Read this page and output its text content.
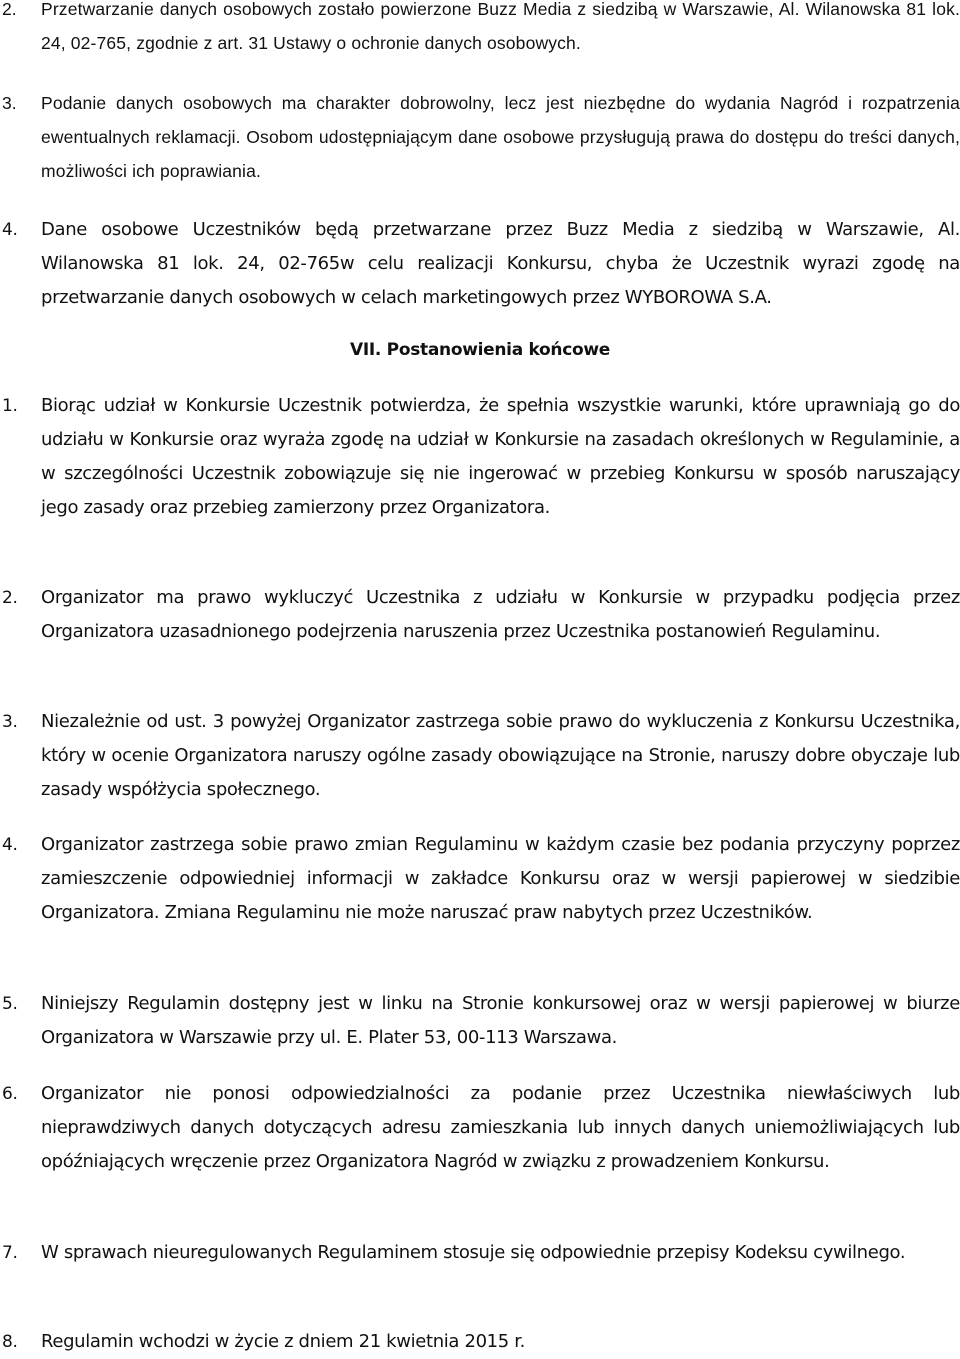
2. Przetwarzanie danych osobowych zostało powierzone Buzz Media z siedzibą w Warszawie, Al. Wilanowska 81 lok. 24, 02-765, zgodnie z art. 31 Ustawy o ochronie danych osobowych.
3. Podanie danych osobowych ma charakter dobrowolny, lecz jest niezbędne do wydania Nagród i rozpatrzenia ewentualnych reklamacji. Osobom udostępniającym dane osobowe przysługują prawa do dostępu do treści danych, możliwości ich poprawiania.
4. Dane osobowe Uczestników będą przetwarzane przez Buzz Media z siedzibą w Warszawie, Al. Wilanowska 81 lok. 24, 02-765w celu realizacji Konkursu, chyba że Uczestnik wyrazi zgodę na przetwarzanie danych osobowych w celach marketingowych przez WYBOROWA S.A.
VII. Postanowienia końcowe
1. Biorąc udział w Konkursie Uczestnik potwierdza, że spełnia wszystkie warunki, które uprawniają go do udziału w Konkursie oraz wyraża zgodę na udział w Konkursie na zasadach określonych w Regulaminie, a w szczególności Uczestnik zobowiązuje się nie ingerować w przebieg Konkursu w sposób naruszający jego zasady oraz przebieg zamierzony przez Organizatora.
2. Organizator ma prawo wykluczyć Uczestnika z udziału w Konkursie w przypadku podjęcia przez Organizatora uzasadnionego podejrzenia naruszenia przez Uczestnika postanowień Regulaminu.
3. Niezależnie od ust. 3 powyżej Organizator zastrzega sobie prawo do wykluczenia z Konkursu Uczestnika, który w ocenie Organizatora naruszy ogólne zasady obowiązujące na Stronie, naruszy dobre obyczaje lub zasady współżycia społecznego.
4. Organizator zastrzega sobie prawo zmian Regulaminu w każdym czasie bez podania przyczyny poprzez zamieszczenie odpowiedniej informacji w zakładce Konkursu oraz w wersji papierowej w siedzibie Organizatora. Zmiana Regulaminu nie może naruszać praw nabytych przez Uczestników.
5. Niniejszy Regulamin dostępny jest w linku na Stronie konkursowej oraz w wersji papierowej w biurze Organizatora w Warszawie przy ul. E. Plater 53, 00-113 Warszawa.
6. Organizator nie ponosi odpowiedzialności za podanie przez Uczestnika niewłaściwych lub nieprawdziwych danych dotyczących adresu zamieszkania lub innych danych uniemożliwiających lub opóźniających wręczenie przez Organizatora Nagród w związku z prowadzeniem Konkursu.
7. W sprawach nieuregulowanych Regulaminem stosuje się odpowiednie przepisy Kodeksu cywilnego.
8. Regulamin wchodzi w życie z dniem 21 kwietnia 2015 r.
